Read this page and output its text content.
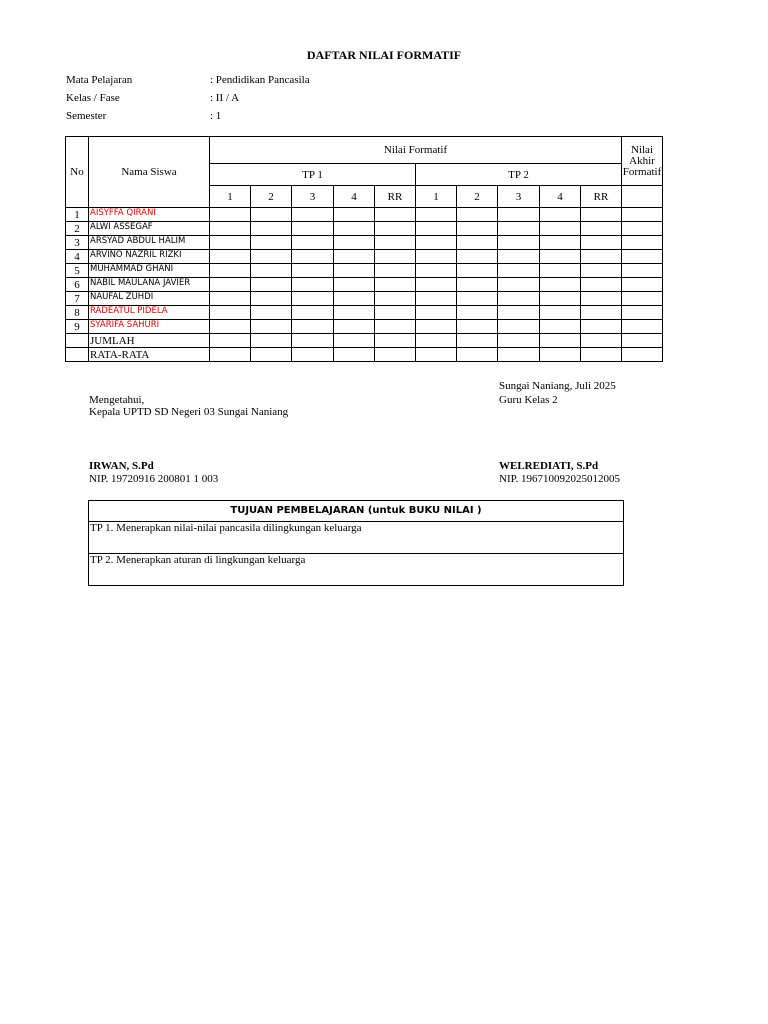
DAFTAR NILAI FORMATIF
Mata Pelajaran	: Pendidikan Pancasila
Kelas / Fase	: II / A
Semester	: 1
No	Nama Siswa	Nilai Formatif										Nilai Akhir Formatif
		TP 1					TP 2					
		1	2	3	4	RR	1	2	3	4	RR	
1	AISYFFA QIRANI											
2	ALWI ASSEGAF											
3	ARSYAD ABDUL HALIM											
4	ARVINO NAZRIL RIZKI											
5	MUHAMMAD GHANI											
6	NABIL MAULANA JAVIER											
7	NAUFAL ZUHDI											
8	RADEATUL PIDELA											
9	SYARIFA SAHURI											
	JUMLAH											
	RATA-RATA											
Sungai Naniang, Juli 2025
Mengetahui,	Guru Kelas 2
Kepala UPTD SD Negeri 03 Sungai Naniang
IRWAN, S.Pd	WELREDIATI, S.Pd
NIP. 19720916 200801 1 003	NIP. 196710092025012005
TUJUAN PEMBELAJARAN (untuk BUKU NILAI )
TP 1. Menerapkan nilai-nilai pancasila dilingkungan keluarga
TP 2. Menerapkan aturan di lingkungan keluarga
